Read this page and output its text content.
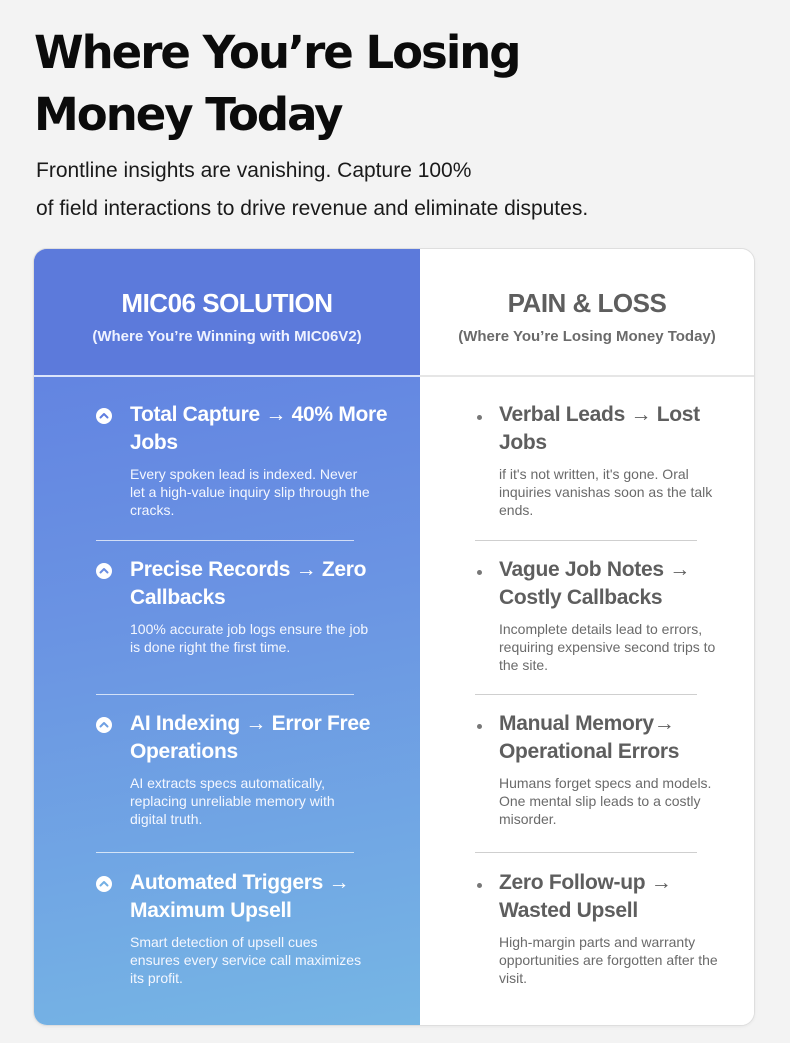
Where You’re Losing
Money Today

Frontline insights are vanishing. Capture 100%
of field interactions to drive revenue and eliminate disputes.

MIC06 SOLUTION
(Where You’re Winning with MIC06V2)
Total Capture → 40% More Jobs
Every spoken lead is indexed. Never let a high-value inquiry slip through the cracks.
Precise Records → Zero Callbacks
100% accurate job logs ensure the job is done right the first time.
AI Indexing → Error Free Operations
AI extracts specs automatically, replacing unreliable memory with digital truth.
Automated Triggers → Maximum Upsell
Smart detection of upsell cues ensures every service call maximizes its profit.
PAIN & LOSS
(Where You’re Losing Money Today)
Verbal Leads → Lost Jobs
if it's not written, it's gone. Oral inquiries vanishas soon as the talk ends.
Vague Job Notes → Costly Callbacks
Incomplete details lead to errors, requiring expensive second trips to the site.
Manual Memory→ Operational Errors
Humans forget specs and models. One mental slip leads to a costly misorder.
Zero Follow-up → Wasted Upsell
High-margin parts and warranty opportunities are forgotten after the visit.
